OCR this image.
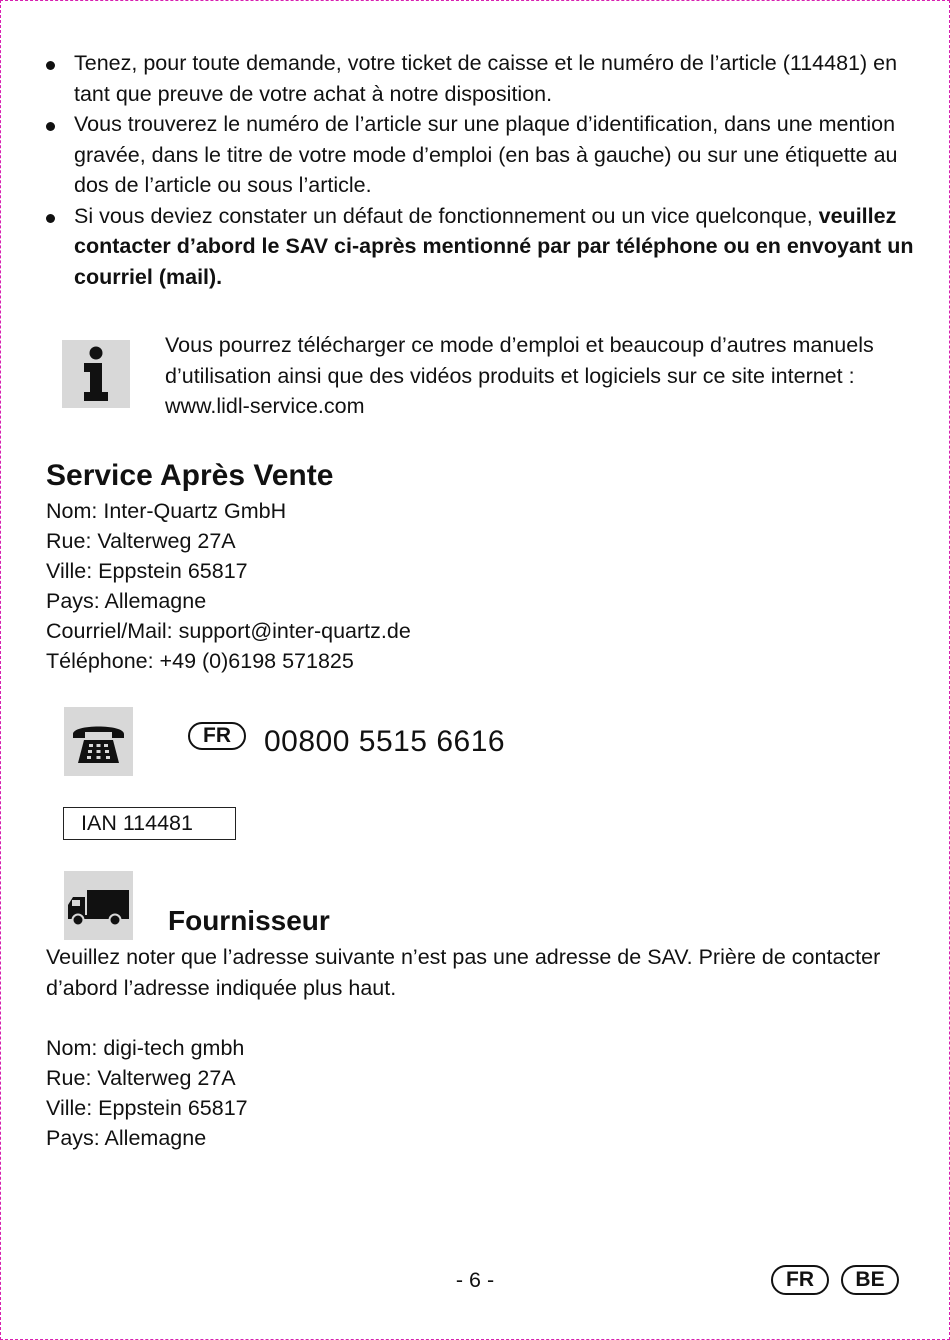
Tenez, pour toute demande, votre ticket de caisse et le numéro de l’article (114481) en tant que preuve de votre achat à notre disposition.
Vous trouverez le numéro de l’article sur une plaque d’identification, dans une mention gravée, dans le titre de votre mode d’emploi (en bas à gauche) ou sur une étiquette au dos de l’article ou sous l’article.
Si vous deviez constater un défaut de fonctionnement ou un vice quelconque, veuillez contacter d’abord le SAV ci-après mentionné par par téléphone ou en envoyant un courriel (mail).
Vous pourrez télécharger ce mode d’emploi et beaucoup d’autres manuels d’utilisation ainsi que des vidéos produits et logiciels sur ce site internet : www.lidl-service.com
Service Après Vente
Nom: Inter-Quartz GmbH
Rue: Valterweg 27A
Ville: Eppstein 65817
Pays: Allemagne
Courriel/Mail: support@inter-quartz.de
Téléphone: +49 (0)6198 571825
FR	00800 5515 6616
IAN 114481
Fournisseur
Veuillez noter que l’adresse suivante n’est pas une adresse de SAV. Prière de contacter d’abord l’adresse indiquée plus haut.
Nom: digi-tech gmbh
Rue: Valterweg 27A
Ville: Eppstein 65817
Pays: Allemagne
- 6 -	FR	BE
